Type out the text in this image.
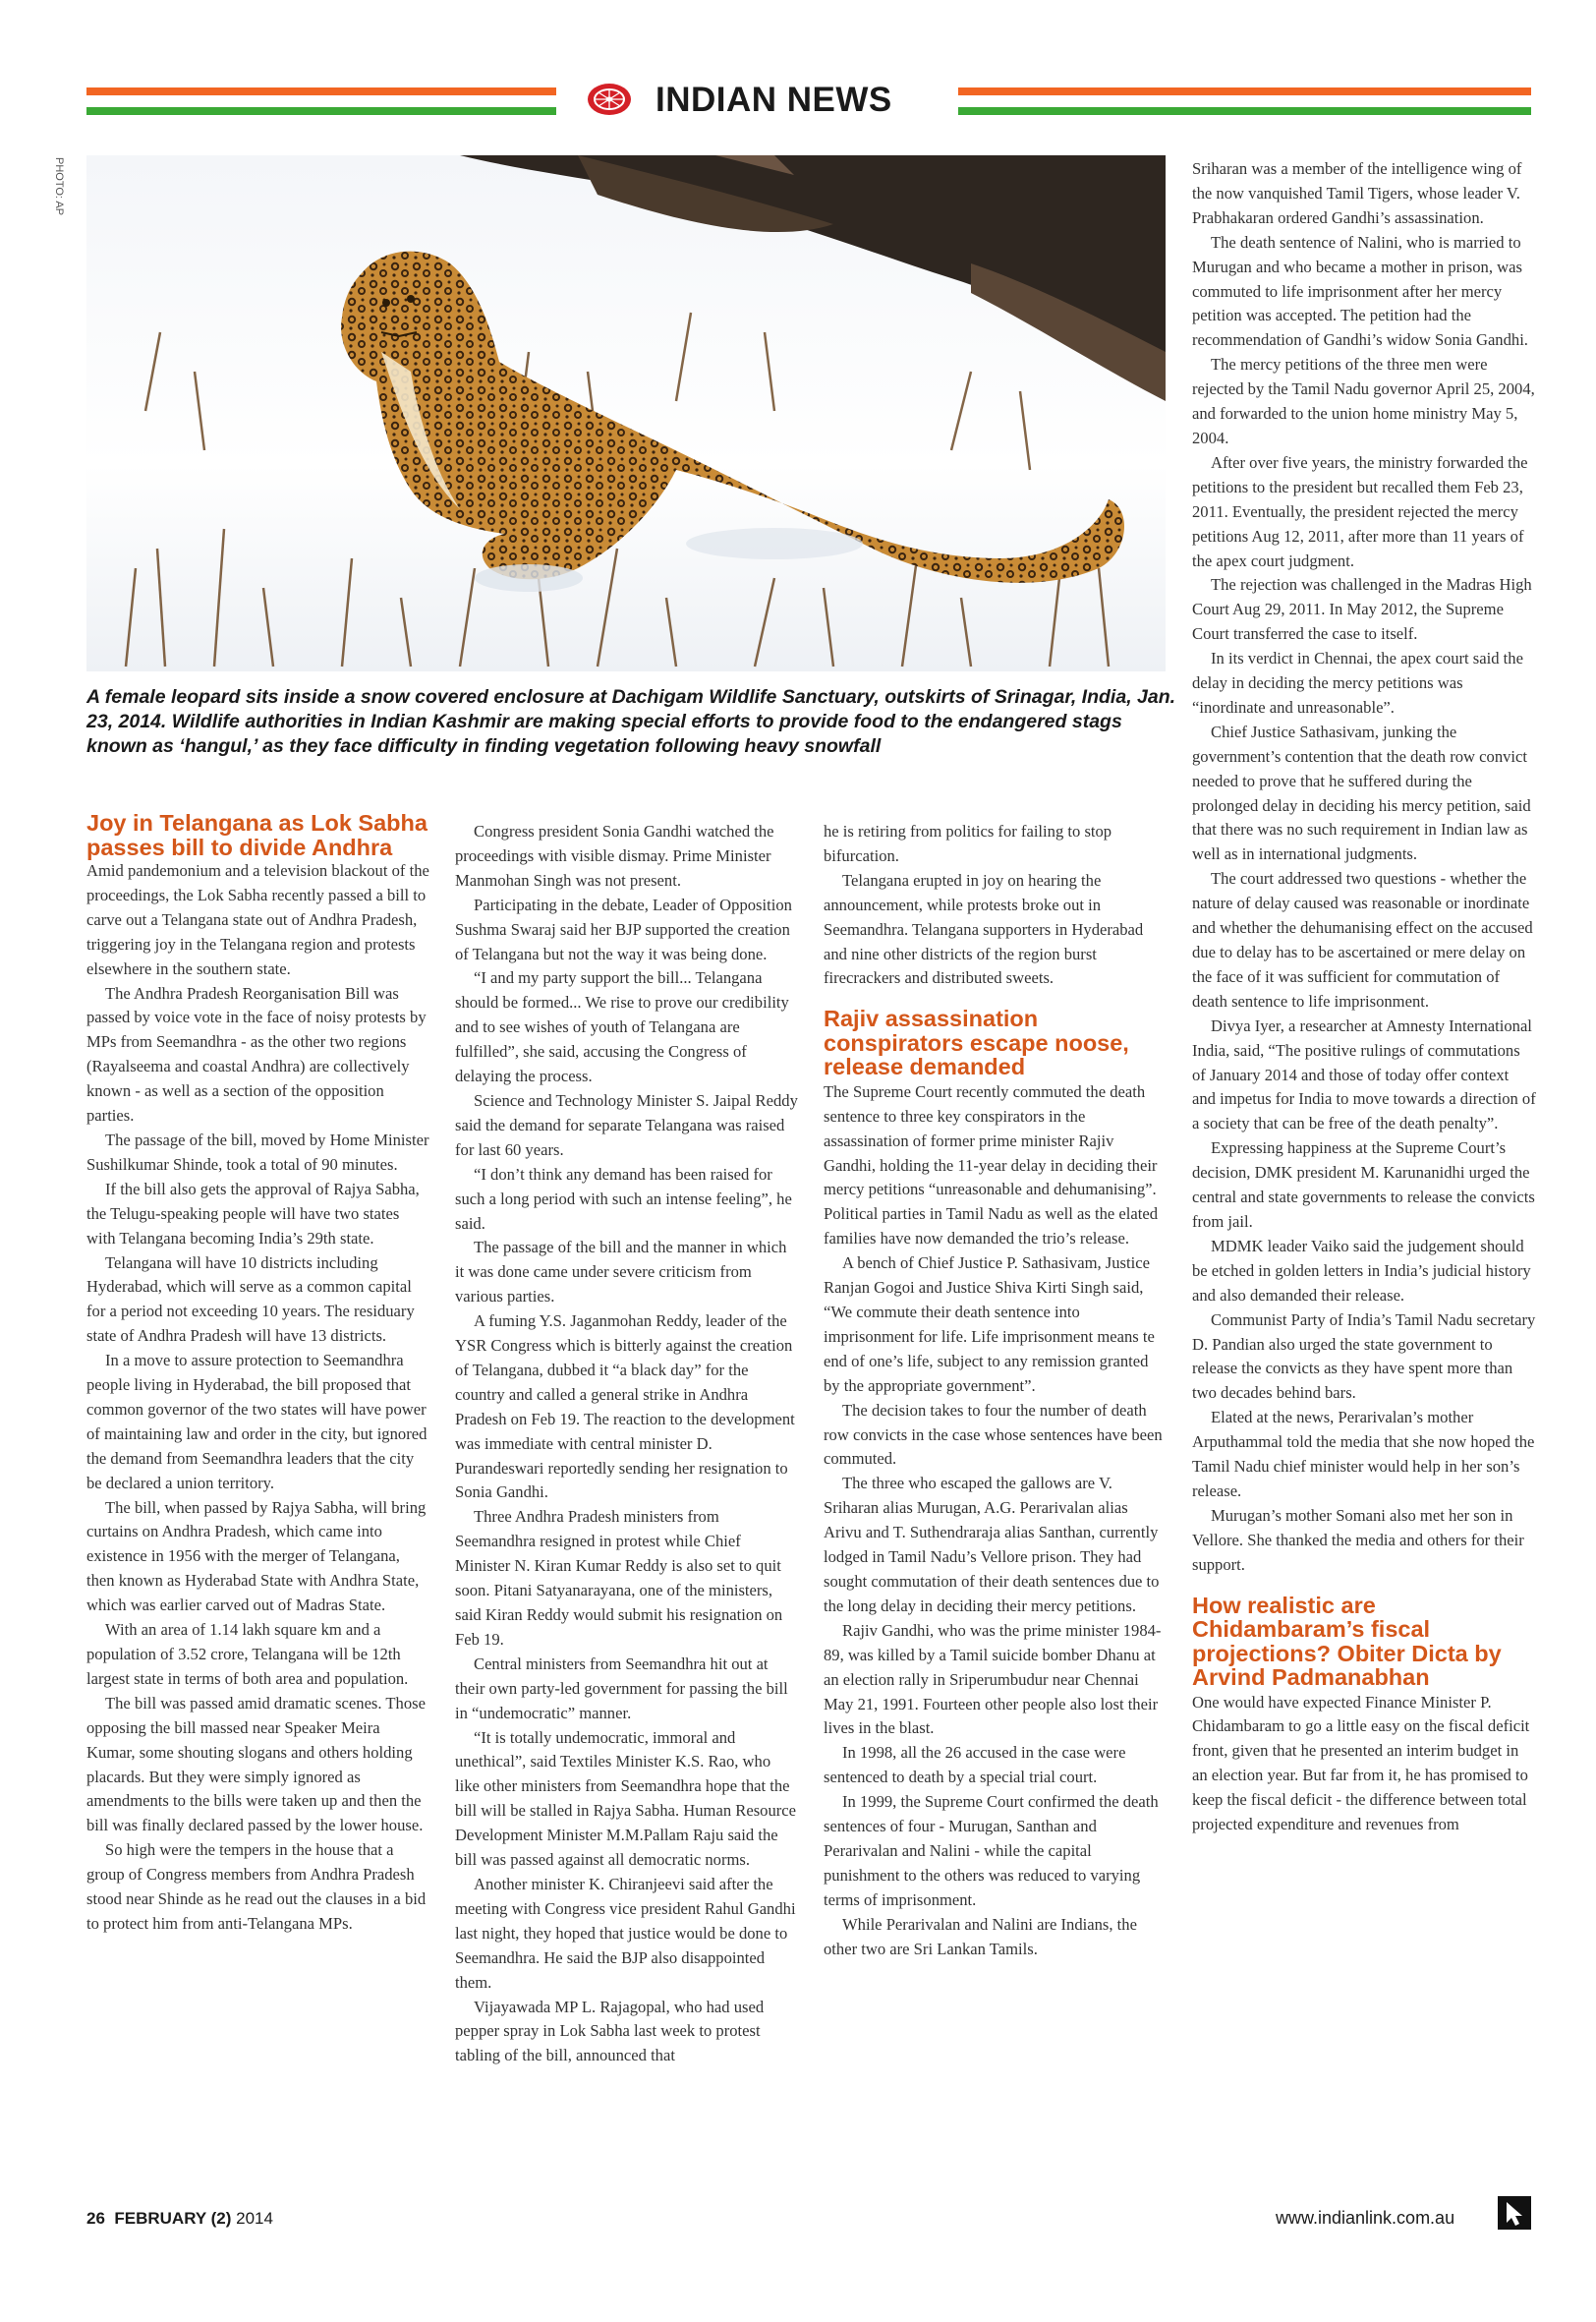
INDIAN NEWS
PHOTO: AP

A female leopard sits inside a snow covered enclosure at Dachigam Wildlife Sanctuary, outskirts of Srinagar, India, Jan. 23, 2014. Wildlife authorities in Indian Kashmir are making special efforts to provide food to the endangered stags known as ‘hangul,’ as they face difficulty in finding vegetation following heavy snowfall

Joy in Telangana as Lok Sabha passes bill to divide Andhra

Amid pandemonium and a television blackout of the proceedings, the Lok Sabha recently passed a bill to carve out a Telangana state out of Andhra Pradesh, triggering joy in the Telangana region and protests elsewhere in the southern state.

The Andhra Pradesh Reorganisation Bill was passed by voice vote in the face of noisy protests by MPs from Seemandhra - as the other two regions (Rayalseema and coastal Andhra) are collectively known - as well as a section of the opposition parties.

The passage of the bill, moved by Home Minister Sushilkumar Shinde, took a total of 90 minutes.

If the bill also gets the approval of Rajya Sabha, the Telugu-speaking people will have two states with Telangana becoming India’s 29th state.

Telangana will have 10 districts including Hyderabad, which will serve as a common capital for a period not exceeding 10 years. The residuary state of Andhra Pradesh will have 13 districts.

In a move to assure protection to Seemandhra people living in Hyderabad, the bill proposed that common governor of the two states will have power of maintaining law and order in the city, but ignored the demand from Seemandhra leaders that the city be declared a union territory.

The bill, when passed by Rajya Sabha, will bring curtains on Andhra Pradesh, which came into existence in 1956 with the merger of Telangana, then known as Hyderabad State with Andhra State, which was earlier carved out of Madras State.

With an area of 1.14 lakh square km and a population of 3.52 crore, Telangana will be 12th largest state in terms of both area and population.

The bill was passed amid dramatic scenes. Those opposing the bill massed near Speaker Meira Kumar, some shouting slogans and others holding placards. But they were simply ignored as amendments to the bills were taken up and then the bill was finally declared passed by the lower house.

So high were the tempers in the house that a group of Congress members from Andhra Pradesh stood near Shinde as he read out the clauses in a bid to protect him from anti-Telangana MPs.

Congress president Sonia Gandhi watched the proceedings with visible dismay. Prime Minister Manmohan Singh was not present.

Participating in the debate, Leader of Opposition Sushma Swaraj said her BJP supported the creation of Telangana but not the way it was being done.

“I and my party support the bill... Telangana should be formed... We rise to prove our credibility and to see wishes of youth of Telangana are fulfilled”, she said, accusing the Congress of delaying the process.

Science and Technology Minister S. Jaipal Reddy said the demand for separate Telangana was raised for last 60 years.

“I don’t think any demand has been raised for such a long period with such an intense feeling”, he said.

The passage of the bill and the manner in which it was done came under severe criticism from various parties.

A fuming Y.S. Jaganmohan Reddy, leader of the YSR Congress which is bitterly against the creation of Telangana, dubbed it “a black day” for the country and called a general strike in Andhra Pradesh on Feb 19. The reaction to the development was immediate with central minister D. Purandeswari reportedly sending her resignation to Sonia Gandhi.

Three Andhra Pradesh ministers from Seemandhra resigned in protest while Chief Minister N. Kiran Kumar Reddy is also set to quit soon. Pitani Satyanarayana, one of the ministers, said Kiran Reddy would submit his resignation on Feb 19.

Central ministers from Seemandhra hit out at their own party-led government for passing the bill in “undemocratic” manner.

“It is totally undemocratic, immoral and unethical”, said Textiles Minister K.S. Rao, who like other ministers from Seemandhra hope that the bill will be stalled in Rajya Sabha. Human Resource Development Minister M.M.Pallam Raju said the bill was passed against all democratic norms.

Another minister K. Chiranjeevi said after the meeting with Congress vice president Rahul Gandhi last night, they hoped that justice would be done to Seemandhra. He said the BJP also disappointed them.

Vijayawada MP L. Rajagopal, who had used pepper spray in Lok Sabha last week to protest tabling of the bill, announced that

he is retiring from politics for failing to stop bifurcation.

Telangana erupted in joy on hearing the announcement, while protests broke out in Seemandhra. Telangana supporters in Hyderabad and nine other districts of the region burst firecrackers and distributed sweets.

Rajiv assassination conspirators escape noose, release demanded

The Supreme Court recently commuted the death sentence to three key conspirators in the assassination of former prime minister Rajiv Gandhi, holding the 11-year delay in deciding their mercy petitions “unreasonable and dehumanising”. Political parties in Tamil Nadu as well as the elated families have now demanded the trio’s release.

A bench of Chief Justice P. Sathasivam, Justice Ranjan Gogoi and Justice Shiva Kirti Singh said, “We commute their death sentence into imprisonment for life. Life imprisonment means te end of one’s life, subject to any remission granted by the appropriate government”.

The decision takes to four the number of death row convicts in the case whose sentences have been commuted.

The three who escaped the gallows are V. Sriharan alias Murugan, A.G. Perarivalan alias Arivu and T. Suthendraraja alias Santhan, currently lodged in Tamil Nadu’s Vellore prison. They had sought commutation of their death sentences due to the long delay in deciding their mercy petitions.

Rajiv Gandhi, who was the prime minister 1984-89, was killed by a Tamil suicide bomber Dhanu at an election rally in Sriperumbudur near Chennai May 21, 1991. Fourteen other people also lost their lives in the blast.

In 1998, all the 26 accused in the case were sentenced to death by a special trial court.

In 1999, the Supreme Court confirmed the death sentences of four - Murugan, Santhan and Perarivalan and Nalini - while the capital punishment to the others was reduced to varying terms of imprisonment.

While Perarivalan and Nalini are Indians, the other two are Sri Lankan Tamils.

Sriharan was a member of the intelligence wing of the now vanquished Tamil Tigers, whose leader V. Prabhakaran ordered Gandhi’s assassination.

The death sentence of Nalini, who is married to Murugan and who became a mother in prison, was commuted to life imprisonment after her mercy petition was accepted. The petition had the recommendation of Gandhi’s widow Sonia Gandhi.

The mercy petitions of the three men were rejected by the Tamil Nadu governor April 25, 2004, and forwarded to the union home ministry May 5, 2004.

After over five years, the ministry forwarded the petitions to the president but recalled them Feb 23, 2011. Eventually, the president rejected the mercy petitions Aug 12, 2011, after more than 11 years of the apex court judgment.

The rejection was challenged in the Madras High Court Aug 29, 2011. In May 2012, the Supreme Court transferred the case to itself.

In its verdict in Chennai, the apex court said the delay in deciding the mercy petitions was “inordinate and unreasonable”.

Chief Justice Sathasivam, junking the government’s contention that the death row convict needed to prove that he suffered during the prolonged delay in deciding his mercy petition, said that there was no such requirement in Indian law as well as in international judgments.

The court addressed two questions - whether the nature of delay caused was reasonable or inordinate and whether the dehumanising effect on the accused due to delay has to be ascertained or mere delay on the face of it was sufficient for commutation of death sentence to life imprisonment.

Divya Iyer, a researcher at Amnesty International India, said, “The positive rulings of commutations of January 2014 and those of today offer context and impetus for India to move towards a direction of a society that can be free of the death penalty”.

Expressing happiness at the Supreme Court’s decision, DMK president M. Karunanidhi urged the central and state governments to release the convicts from jail.

MDMK leader Vaiko said the judgement should be etched in golden letters in India’s judicial history and also demanded their release.

Communist Party of India’s Tamil Nadu secretary D. Pandian also urged the state government to release the convicts as they have spent more than two decades behind bars.

Elated at the news, Perarivalan’s mother Arputhammal told the media that she now hoped the Tamil Nadu chief minister would help in her son’s release.

Murugan’s mother Somani also met her son in Vellore. She thanked the media and others for their support.

How realistic are Chidambaram’s fiscal projections? Obiter Dicta by Arvind Padmanabhan

One would have expected Finance Minister P. Chidambaram to go a little easy on the fiscal deficit front, given that he presented an interim budget in an election year. But far from it, he has promised to keep the fiscal deficit - the difference between total projected expenditure and revenues from

26 FEBRUARY (2) 2014	www.indianlink.com.au
